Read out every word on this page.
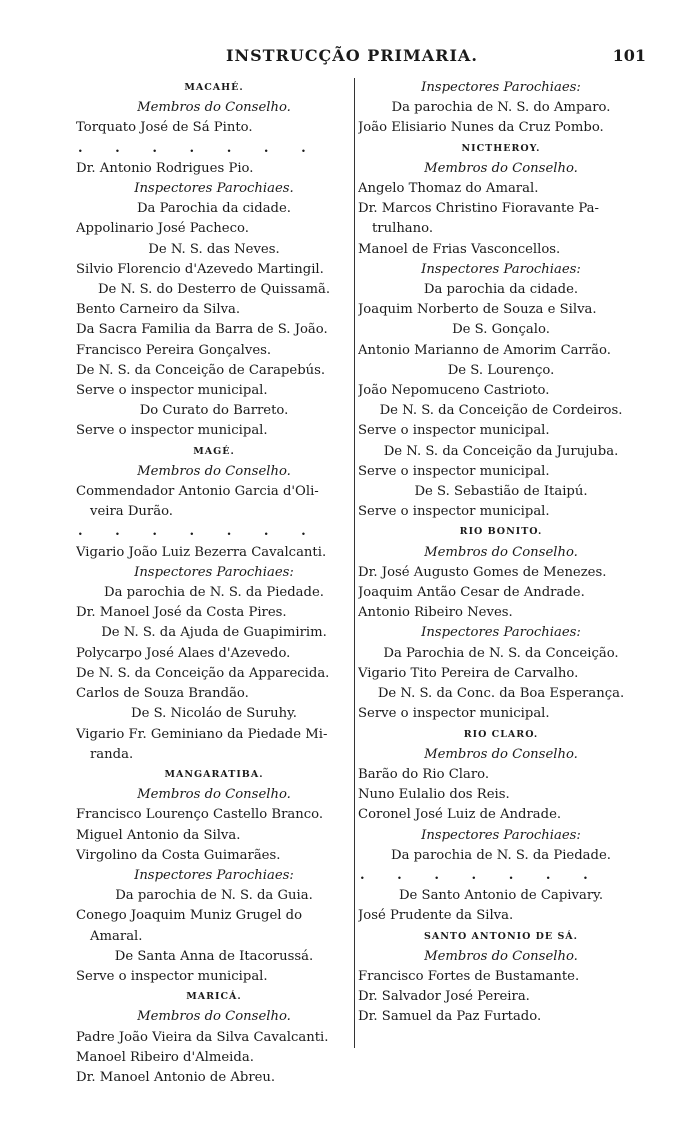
INSTRUCÇÃO PRIMARIA.	101
MACAHÉ.
Membros do Conselho.
Torquato José de Sá Pinto.
. . . . . . .
Dr. Antonio Rodrigues Pio.
Inspectores Parochiaes.
Da Parochia da cidade.
Appolinario José Pacheco.
De N. S. das Neves.
Silvio Florencio d'Azevedo Martingil.
De N. S. do Desterro de Quissamã.
Bento Carneiro da Silva.
Da Sacra Familia da Barra de S. João.
Francisco Pereira Gonçalves.
De N. S. da Conceição de Carapebús.
Serve o inspector municipal.
Do Curato do Barreto.
Serve o inspector municipal.
MAGÉ.
Membros do Conselho.
Commendador Antonio Garcia d'Oli-
veira Durão.
. . . . . . .
Vigario João Luiz Bezerra Cavalcanti.
Inspectores Parochiaes:
Da parochia de N. S. da Piedade.
Dr. Manoel José da Costa Pires.
De N. S. da Ajuda de Guapimirim.
Polycarpo José Alaes d'Azevedo.
De N. S. da Conceição da Apparecida.
Carlos de Souza Brandão.
De S. Nicoláo de Suruhy.
Vigario Fr. Geminiano da Piedade Mi-
randa.
MANGARATIBA.
Membros do Conselho.
Francisco Lourenço Castello Branco.
Miguel Antonio da Silva.
Virgolino da Costa Guimarães.
Inspectores Parochiaes:
Da parochia de N. S. da Guia.
Conego Joaquim Muniz Grugel do
Amaral.
De Santa Anna de Itacorussá.
Serve o inspector municipal.
MARICÁ.
Membros do Conselho.
Padre João Vieira da Silva Cavalcanti.
Manoel Ribeiro d'Almeida.
Dr. Manoel Antonio de Abreu.
Inspectores Parochiaes:
Da parochia de N. S. do Amparo.
João Elisiario Nunes da Cruz Pombo.
NICTHEROY.
Membros do Conselho.
Angelo Thomaz do Amaral.
Dr. Marcos Christino Fioravante Pa-
trulhano.
Manoel de Frias Vasconcellos.
Inspectores Parochiaes:
Da parochia da cidade.
Joaquim Norberto de Souza e Silva.
De S. Gonçalo.
Antonio Marianno de Amorim Carrão.
De S. Lourenço.
João Nepomuceno Castrioto.
De N. S. da Conceição de Cordeiros.
Serve o inspector municipal.
De N. S. da Conceição da Jurujuba.
Serve o inspector municipal.
De S. Sebastião de Itaipú.
Serve o inspector municipal.
RIO BONITO.
Membros do Conselho.
Dr. José Augusto Gomes de Menezes.
Joaquim Antão Cesar de Andrade.
Antonio Ribeiro Neves.
Inspectores Parochiaes:
Da Parochia de N. S. da Conceição.
Vigario Tito Pereira de Carvalho.
De N. S. da Conc. da Boa Esperança.
Serve o inspector municipal.
RIO CLARO.
Membros do Conselho.
Barão do Rio Claro.
Nuno Eulalio dos Reis.
Coronel José Luiz de Andrade.
Inspectores Parochiaes:
Da parochia de N. S. da Piedade.
. . . . . . .
De Santo Antonio de Capivary.
José Prudente da Silva.
SANTO ANTONIO DE SÁ.
Membros do Conselho.
Francisco Fortes de Bustamante.
Dr. Salvador José Pereira.
Dr. Samuel da Paz Furtado.
